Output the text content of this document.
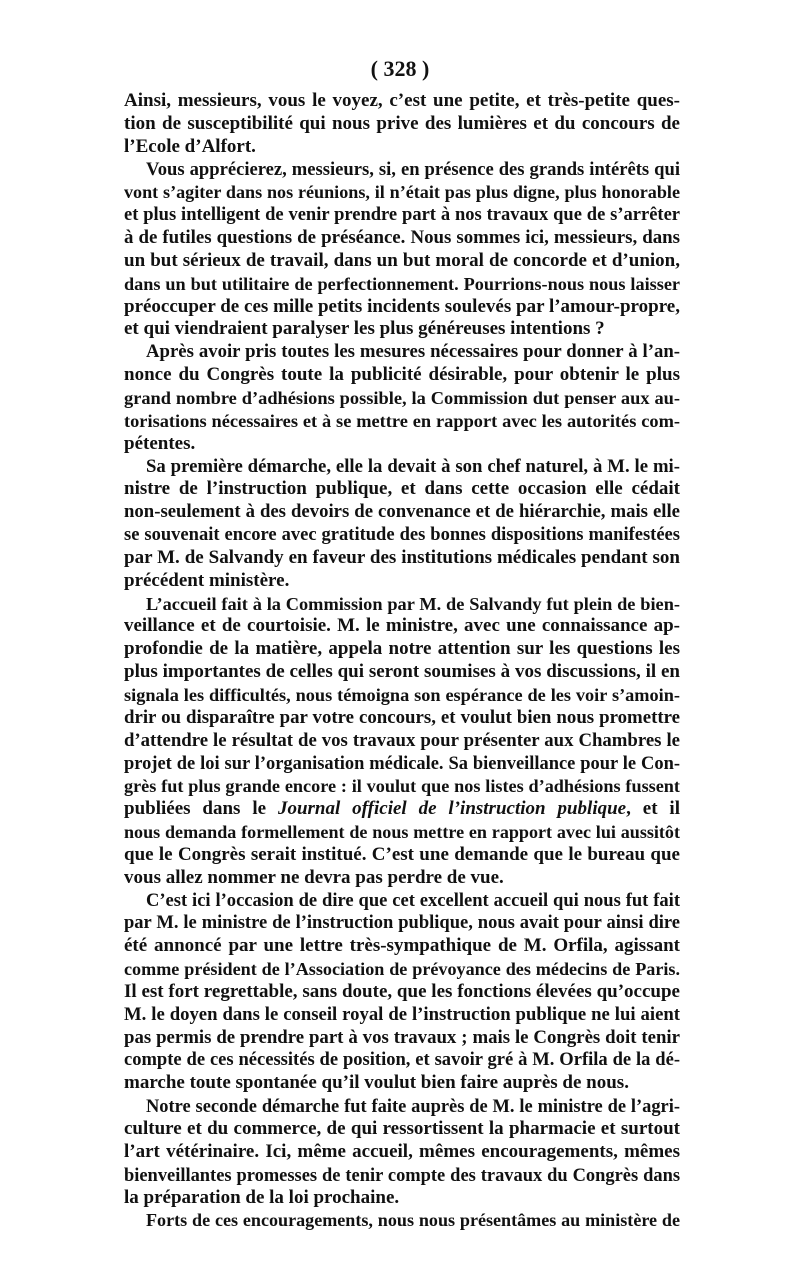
( 328 )
Ainsi, messieurs, vous le voyez, c’est une petite, et très-petite ques-
tion de susceptibilité qui nous prive des lumières et du concours de
l’Ecole d’Alfort.
Vous apprécierez, messieurs, si, en présence des grands intérêts qui
vont s’agiter dans nos réunions, il n’était pas plus digne, plus honorable
et plus intelligent de venir prendre part à nos travaux que de s’arrêter
à de futiles questions de préséance. Nous sommes ici, messieurs, dans
un but sérieux de travail, dans un but moral de concorde et d’union,
dans un but utilitaire de perfectionnement. Pourrions-nous nous laisser
préoccuper de ces mille petits incidents soulevés par l’amour-propre,
et qui viendraient paralyser les plus généreuses intentions ?
Après avoir pris toutes les mesures nécessaires pour donner à l’an-
nonce du Congrès toute la publicité désirable, pour obtenir le plus
grand nombre d’adhésions possible, la Commission dut penser aux au-
torisations nécessaires et à se mettre en rapport avec les autorités com-
pétentes.
Sa première démarche, elle la devait à son chef naturel, à M. le mi-
nistre de l’instruction publique, et dans cette occasion elle cédait
non-seulement à des devoirs de convenance et de hiérarchie, mais elle
se souvenait encore avec gratitude des bonnes dispositions manifestées
par M. de Salvandy en faveur des institutions médicales pendant son
précédent ministère.
L’accueil fait à la Commission par M. de Salvandy fut plein de bien-
veillance et de courtoisie. M. le ministre, avec une connaissance ap-
profondie de la matière, appela notre attention sur les questions les
plus importantes de celles qui seront soumises à vos discussions, il en
signala les difficultés, nous témoigna son espérance de les voir s’amoin-
drir ou disparaître par votre concours, et voulut bien nous promettre
d’attendre le résultat de vos travaux pour présenter aux Chambres le
projet de loi sur l’organisation médicale. Sa bienveillance pour le Con-
grès fut plus grande encore : il voulut que nos listes d’adhésions fussent
publiées dans le Journal officiel de l’instruction publique, et il
nous demanda formellement de nous mettre en rapport avec lui aussitôt
que le Congrès serait institué. C’est une demande que le bureau que
vous allez nommer ne devra pas perdre de vue.
C’est ici l’occasion de dire que cet excellent accueil qui nous fut fait
par M. le ministre de l’instruction publique, nous avait pour ainsi dire
été annoncé par une lettre très-sympathique de M. Orfila, agissant
comme président de l’Association de prévoyance des médecins de Paris.
Il est fort regrettable, sans doute, que les fonctions élevées qu’occupe
M. le doyen dans le conseil royal de l’instruction publique ne lui aient
pas permis de prendre part à vos travaux ; mais le Congrès doit tenir
compte de ces nécessités de position, et savoir gré à M. Orfila de la dé-
marche toute spontanée qu’il voulut bien faire auprès de nous.
Notre seconde démarche fut faite auprès de M. le ministre de l’agri-
culture et du commerce, de qui ressortissent la pharmacie et surtout
l’art vétérinaire. Ici, même accueil, mêmes encouragements, mêmes
bienveillantes promesses de tenir compte des travaux du Congrès dans
la préparation de la loi prochaine.
Forts de ces encouragements, nous nous présentâmes au ministère de
